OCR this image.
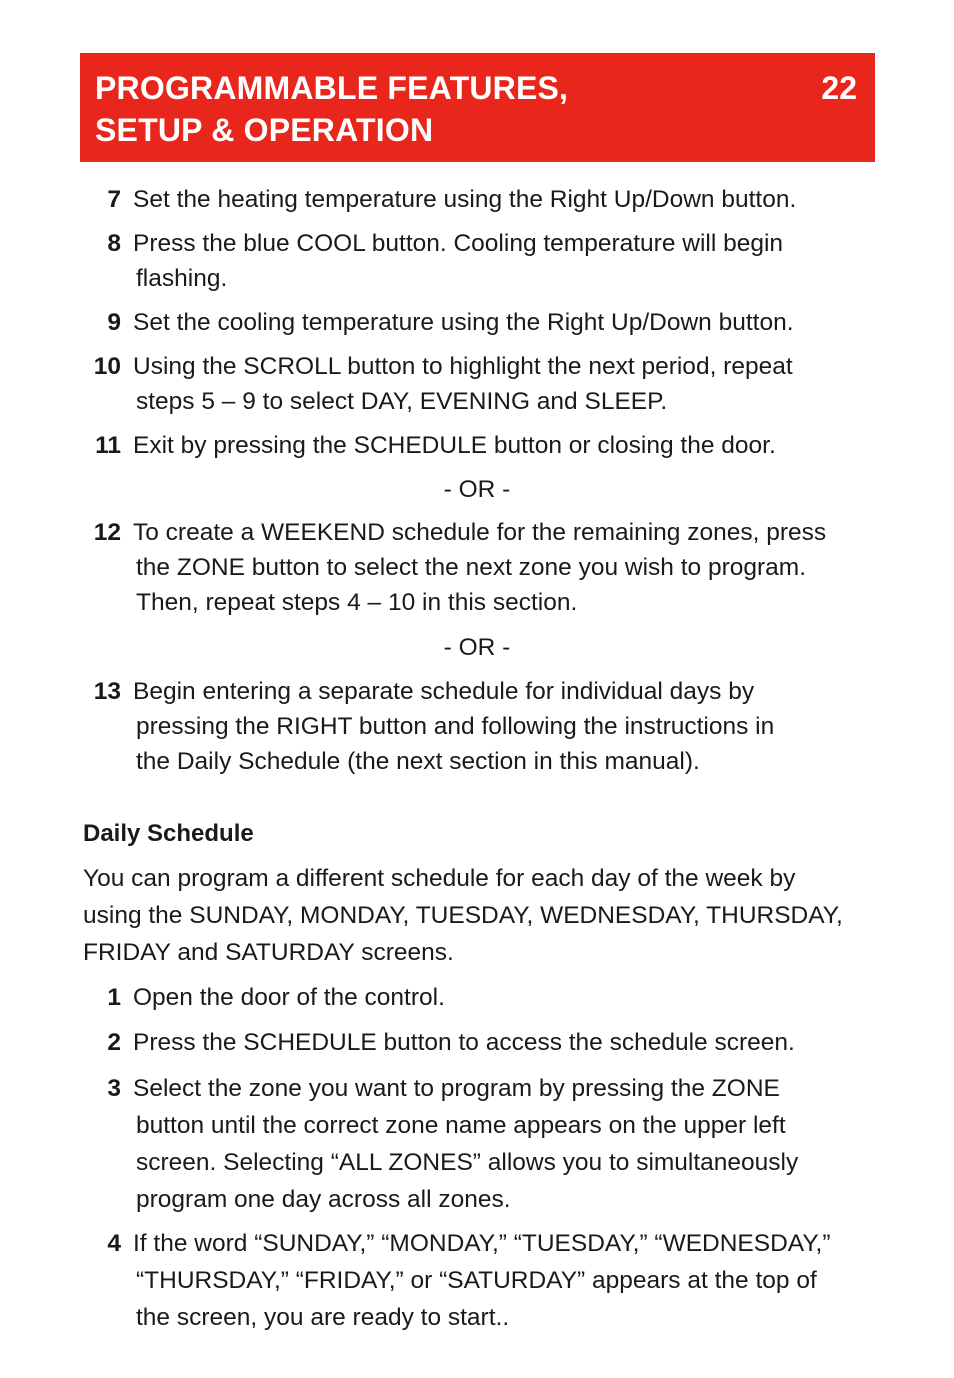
PROGRAMMABLE FEATURES,
SETUP & OPERATION
22
7 Set the heating temperature using the Right Up/Down button.
8 Press the blue COOL button. Cooling temperature will begin
flashing.
9 Set the cooling temperature using the Right Up/Down button.
10 Using the SCROLL button to highlight the next period, repeat
steps 5 – 9 to select DAY, EVENING and SLEEP.
11 Exit by pressing the SCHEDULE button or closing the door.
- OR -
12 To create a WEEKEND schedule for the remaining zones, press
the ZONE button to select the next zone you wish to program.
Then, repeat steps 4 – 10 in this section.
- OR -
13 Begin entering a separate schedule for individual days by
pressing the RIGHT button and following the instructions in
the Daily Schedule (the next section in this manual).
Daily Schedule
You can program a different schedule for each day of the week by
using the SUNDAY, MONDAY, TUESDAY, WEDNESDAY, THURSDAY,
FRIDAY and SATURDAY screens.
1 Open the door of the control.
2 Press the SCHEDULE button to access the schedule screen.
3 Select the zone you want to program by pressing the ZONE
button until the correct zone name appears on the upper left
screen. Selecting “ALL ZONES” allows you to simultaneously
program one day across all zones.
4 If the word “SUNDAY,” “MONDAY,” “TUESDAY,” “WEDNESDAY,”
“THURSDAY,” “FRIDAY,” or “SATURDAY” appears at the top of
the screen, you are ready to start..
